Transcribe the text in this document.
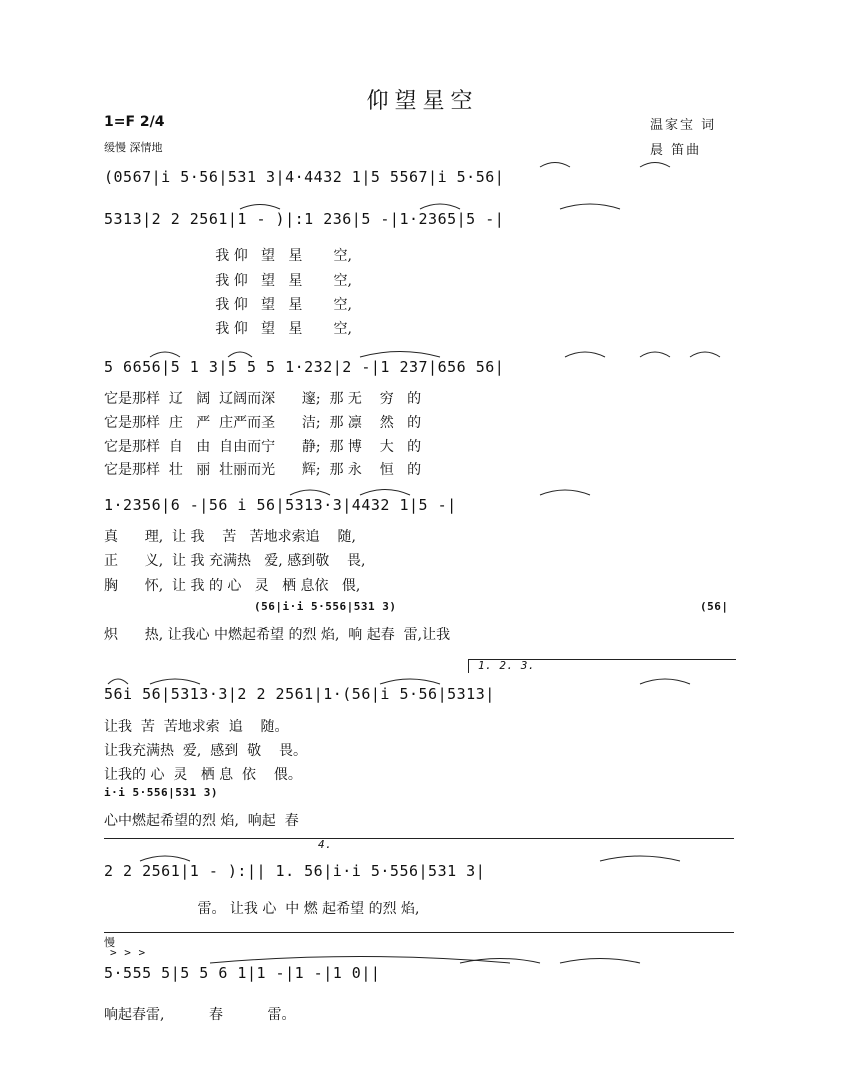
仰望星空
1=F 2/4
缓慢 深情地
温家宝 词
晨 笛曲
(0567|i 5·56|531 3|4·4432 1|5 5567|i 5·56|
5313|2 2 2561|1 - )|:1 236|5 -|1·2365|5 -|
我 仰   望   星       空,
我 仰   望   星       空,
我 仰   望   星       空,
我 仰   望   星       空,
5 6656|5 1 3|5 5 5 1·232|2 -|1 237|656 56|
它是那样  辽   阔  辽阔而深      邃;  那 无    穷   的
它是那样  庄   严  庄严而圣      洁;  那 凛    然   的
它是那样  自   由  自由而宁      静;  那 博    大   的
它是那样  壮   丽  壮丽而光      辉;  那 永    恒   的
1·2356|6 -|56 i 56|5313·3|4432 1|5 -|
真      理,  让 我    苦   苦地求索追    随,
正      义,  让 我 充满热   爱, 感到敬    畏,
胸      怀,  让 我 的 心   灵   栖 息依   偎,
(56|i·i 5·556|531 3)	(56|
炽      热, 让我心 中燃起希望 的烈 焰,  响 起春  雷,让我
1. 2. 3.
56i 56|5313·3|2 2 2561|1·(56|i 5·56|5313|
让我  苦  苦地求索  追    随。
让我充满热  爱,  感到  敬    畏。
让我的 心  灵   栖 息  依    偎。
i·i 5·556|531 3)
心中燃起希望的烈 焰,  响起  春
4.
2 2 2561|1 - ):|| 1. 56|i·i 5·556|531 3|
雷。 让我 心  中 燃 起希望 的烈 焰,
慢
> > >
5·555 5|5 5 6 1|1 -|1 -|1 0||
响起春雷,          春          雷。
